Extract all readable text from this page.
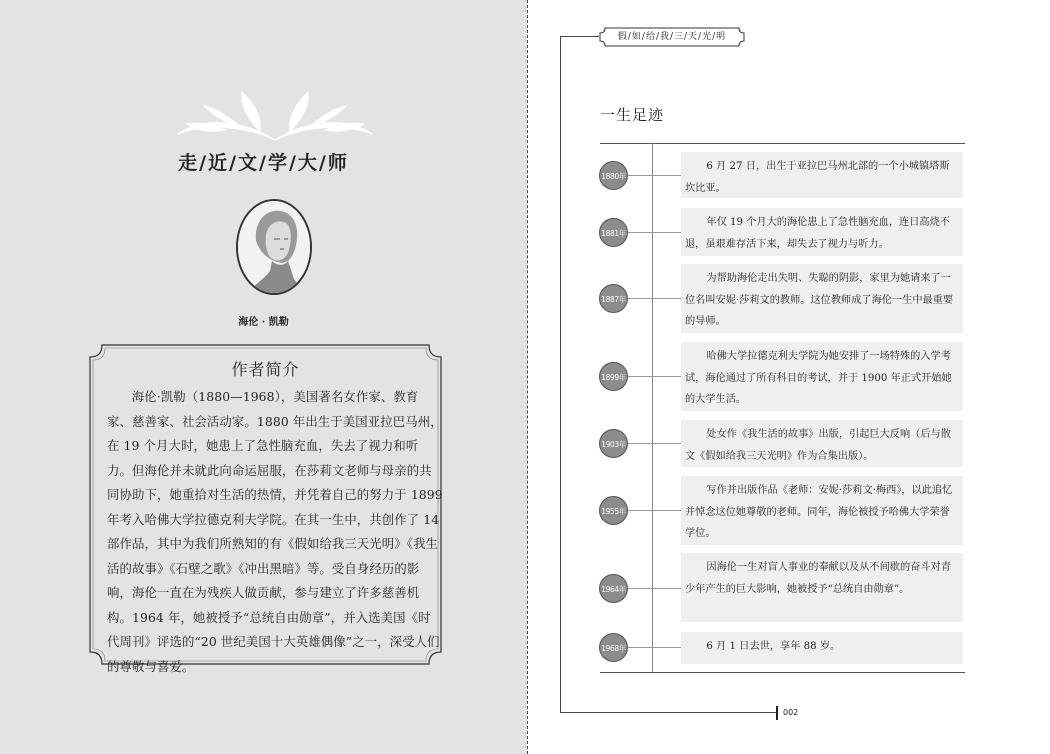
走/近/文/学/大/师
海伦 · 凯勒
作者简介

海伦·凯勒（1880—1968），美国著名女作家、教育家、慈善家、社会活动家。1880 年出生于美国亚拉巴马州，在 19 个月大时，她患上了急性脑充血，失去了视力和听力。但海伦并未就此向命运屈服，在莎莉文老师与母亲的共同协助下，她重拾对生活的热情，并凭着自己的努力于 1899 年考入哈佛大学拉德克利夫学院。在其一生中，共创作了 14 部作品，其中为我们所熟知的有《假如给我三天光明》《我生活的故事》《石壁之歌》《冲出黑暗》等。受自身经历的影响，海伦一直在为残疾人做贡献，参与建立了许多慈善机构。1964 年，她被授予“总统自由勋章”，并入选美国《时代周刊》评选的“20 世纪美国十大英雄偶像”之一，深受人们的尊敬与喜爱。

假/如/给/我/三/天/光/明
一生足迹
1880年

6 月 27 日，出生于亚拉巴马州北部的一个小城镇塔斯坎比亚。

1881年

年仅 19 个月大的海伦患上了急性脑充血，连日高烧不退，虽艰难存活下来，却失去了视力与听力。

1887年

为帮助海伦走出失明、失聪的阴影，家里为她请来了一位名叫安妮·莎莉文的教师。这位教师成了海伦一生中最重要的导师。

1899年

哈佛大学拉德克利夫学院为她安排了一场特殊的入学考试，海伦通过了所有科目的考试，并于 1900 年正式开始她的大学生活。

1903年

处女作《我生活的故事》出版，引起巨大反响（后与散文《假如给我三天光明》作为合集出版）。

1955年

写作并出版作品《老师：安妮·莎莉文·梅西》，以此追忆并悼念这位她尊敬的老师。同年，海伦被授予哈佛大学荣誉学位。

1964年

因海伦一生对盲人事业的奉献以及从不间歇的奋斗对青少年产生的巨大影响，她被授予“总统自由勋章”。

1968年	6 月 1 日去世，享年 88 岁。

002
